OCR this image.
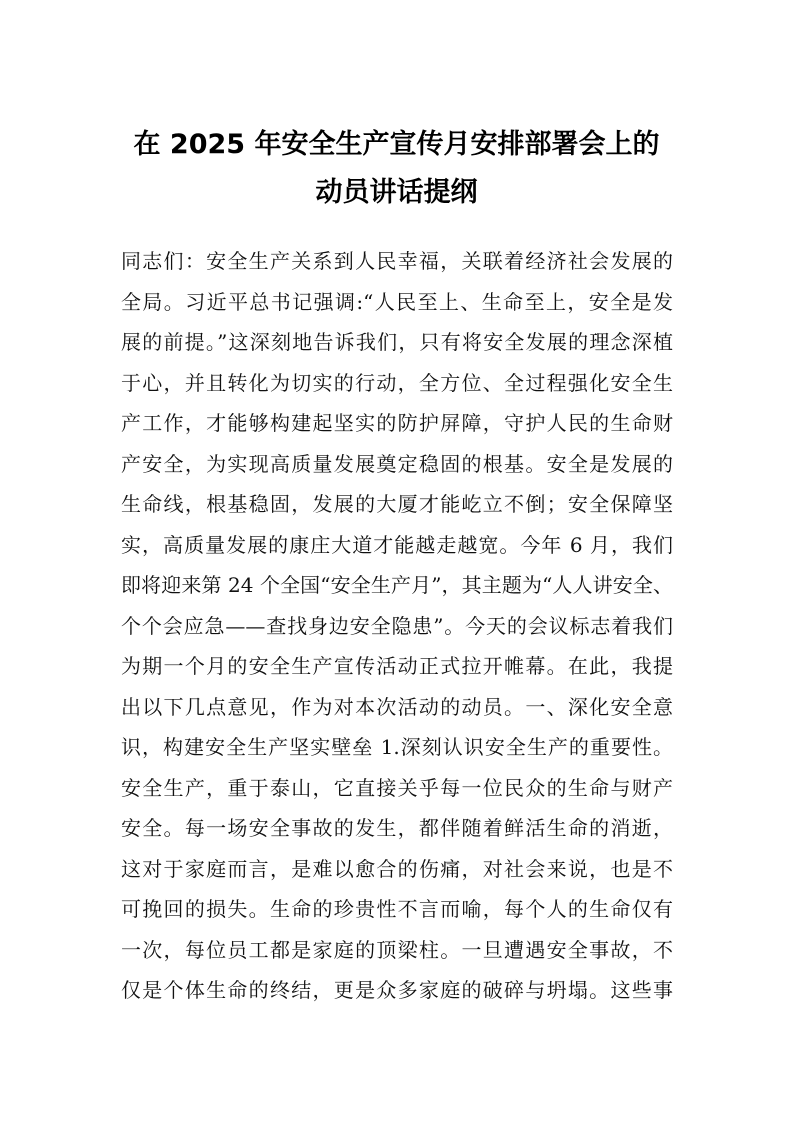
在 2025 年安全生产宣传月安排部署会上的
动员讲话提纲
同志们：安全生产关系到人民幸福，关联着经济社会发展的
全局。习近平总书记强调:“人民至上、生命至上，安全是发
展的前提。”这深刻地告诉我们，只有将安全发展的理念深植
于心，并且转化为切实的行动，全方位、全过程强化安全生
产工作，才能够构建起坚实的防护屏障，守护人民的生命财
产安全，为实现高质量发展奠定稳固的根基。安全是发展的
生命线，根基稳固，发展的大厦才能屹立不倒；安全保障坚
实，高质量发展的康庄大道才能越走越宽。今年 6 月，我们
即将迎来第 24 个全国“安全生产月”，其主题为“人人讲安全、
个个会应急——查找身边安全隐患”。今天的会议标志着我们
为期一个月的安全生产宣传活动正式拉开帷幕。在此，我提
出以下几点意见，作为对本次活动的动员。一、深化安全意
识，构建安全生产坚实壁垒 1.深刻认识安全生产的重要性。
安全生产，重于泰山，它直接关乎每一位民众的生命与财产
安全。每一场安全事故的发生，都伴随着鲜活生命的消逝，
这对于家庭而言，是难以愈合的伤痛，对社会来说，也是不
可挽回的损失。生命的珍贵性不言而喻，每个人的生命仅有
一次，每位员工都是家庭的顶梁柱。一旦遭遇安全事故，不
仅是个体生命的终结，更是众多家庭的破碎与坍塌。这些事
